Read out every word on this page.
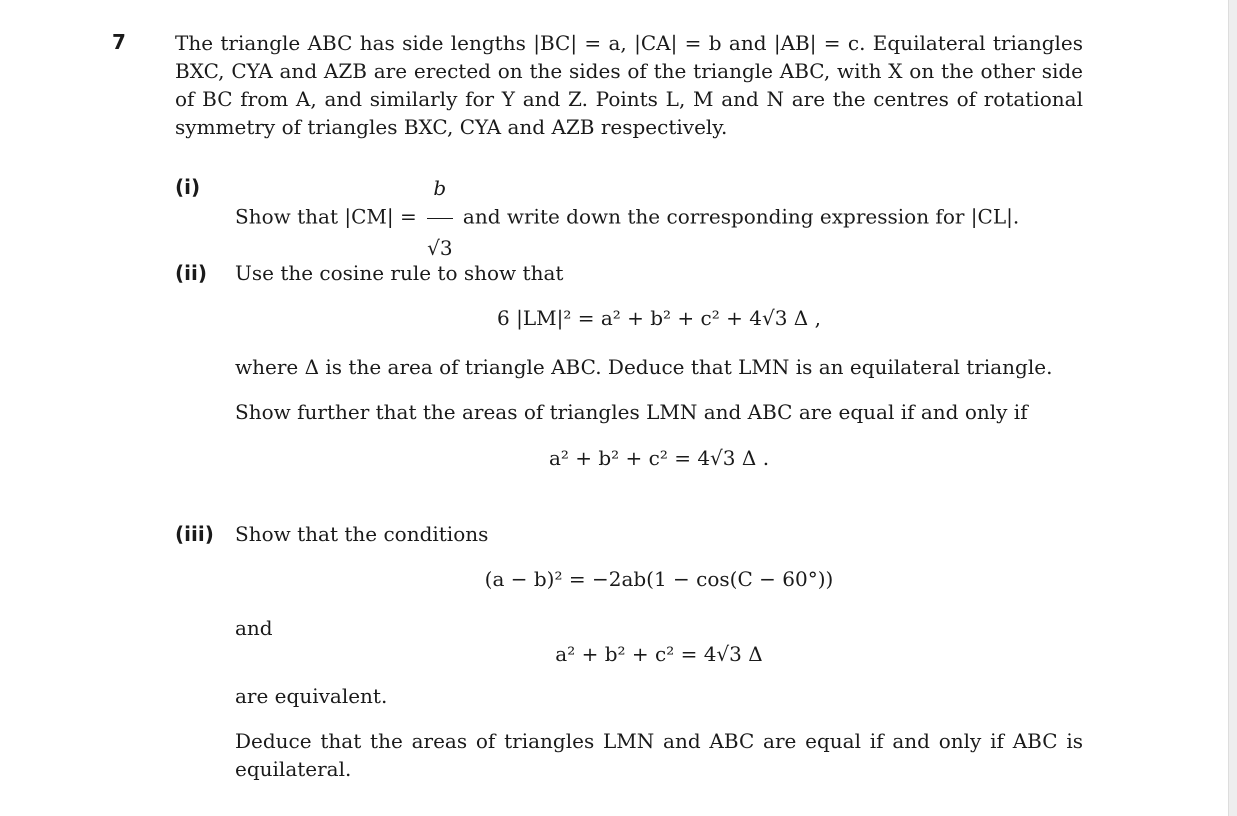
7 The triangle ABC has side lengths |BC| = a, |CA| = b and |AB| = c. Equilateral triangles BXC, CYA and AZB are erected on the sides of the triangle ABC, with X on the other side of BC from A, and similarly for Y and Z. Points L, M and N are the centres of rotational symmetry of triangles BXC, CYA and AZB respectively.
(i)
Show that $|CM| = \frac{b}{√3}$ and write down the corresponding expression for |CL|.
(ii) Use the cosine rule to show that
6 |LM|² = a² + b² + c² + 4√3 Δ ,
where Δ is the area of triangle ABC. Deduce that LMN is an equilateral triangle.
Show further that the areas of triangles LMN and ABC are equal if and only if
a² + b² + c² = 4√3 Δ .
(iii) Show that the conditions
(a − b)² = −2ab(1 − cos(C − 60°))
and
a² + b² + c² = 4√3 Δ
are equivalent.
Deduce that the areas of triangles LMN and ABC are equal if and only if ABC is equilateral.
